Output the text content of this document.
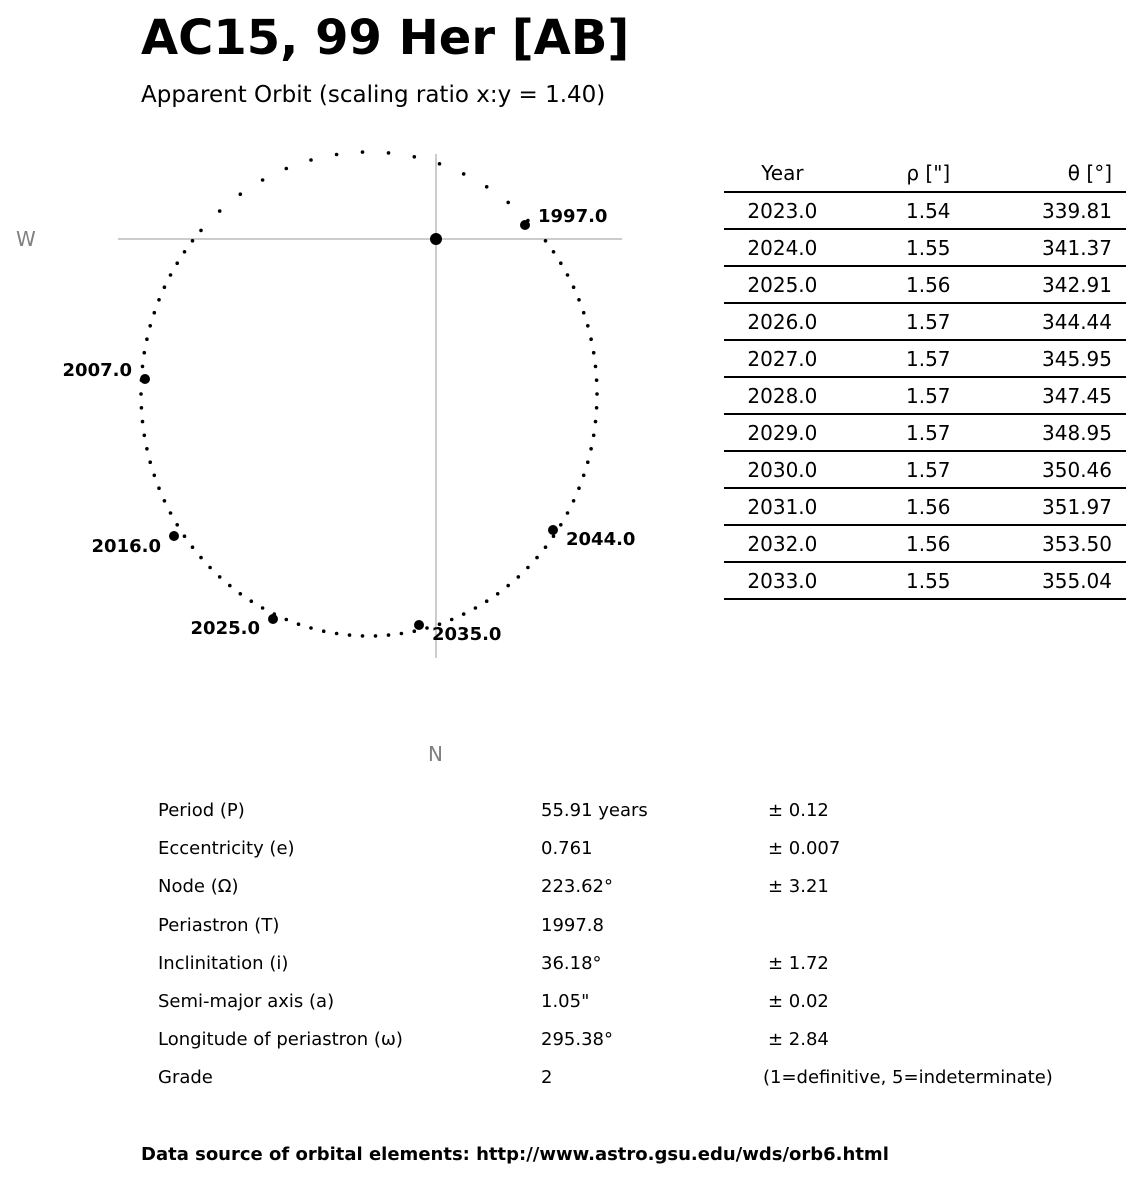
AC15, 99 Her [AB]
Apparent Orbit (scaling ratio x:y = 1.40)
W
N
1997.0
2007.0
2016.0
2025.0	2035.0
2044.0
Year	ρ ["]	θ [°]
2023.0	1.54	339.81
2024.0	1.55	341.37
2025.0	1.56	342.91
2026.0	1.57	344.44
2027.0	1.57	345.95
2028.0	1.57	347.45
2029.0	1.57	348.95
2030.0	1.57	350.46
2031.0	1.56	351.97
2032.0	1.56	353.50
2033.0	1.55	355.04
Period (P)	55.91 years	± 0.12
Eccentricity (e)	0.761	± 0.007
Node (Ω)	223.62°	± 3.21
Periastron (T)	1997.8
Inclinitation (i)	36.18°	± 1.72
Semi-major axis (a)	1.05"	± 0.02
Longitude of periastron (ω)	295.38°	± 2.84
Grade	2	(1=definitive, 5=indeterminate)
Data source of orbital elements: http://www.astro.gsu.edu/wds/orb6.html
